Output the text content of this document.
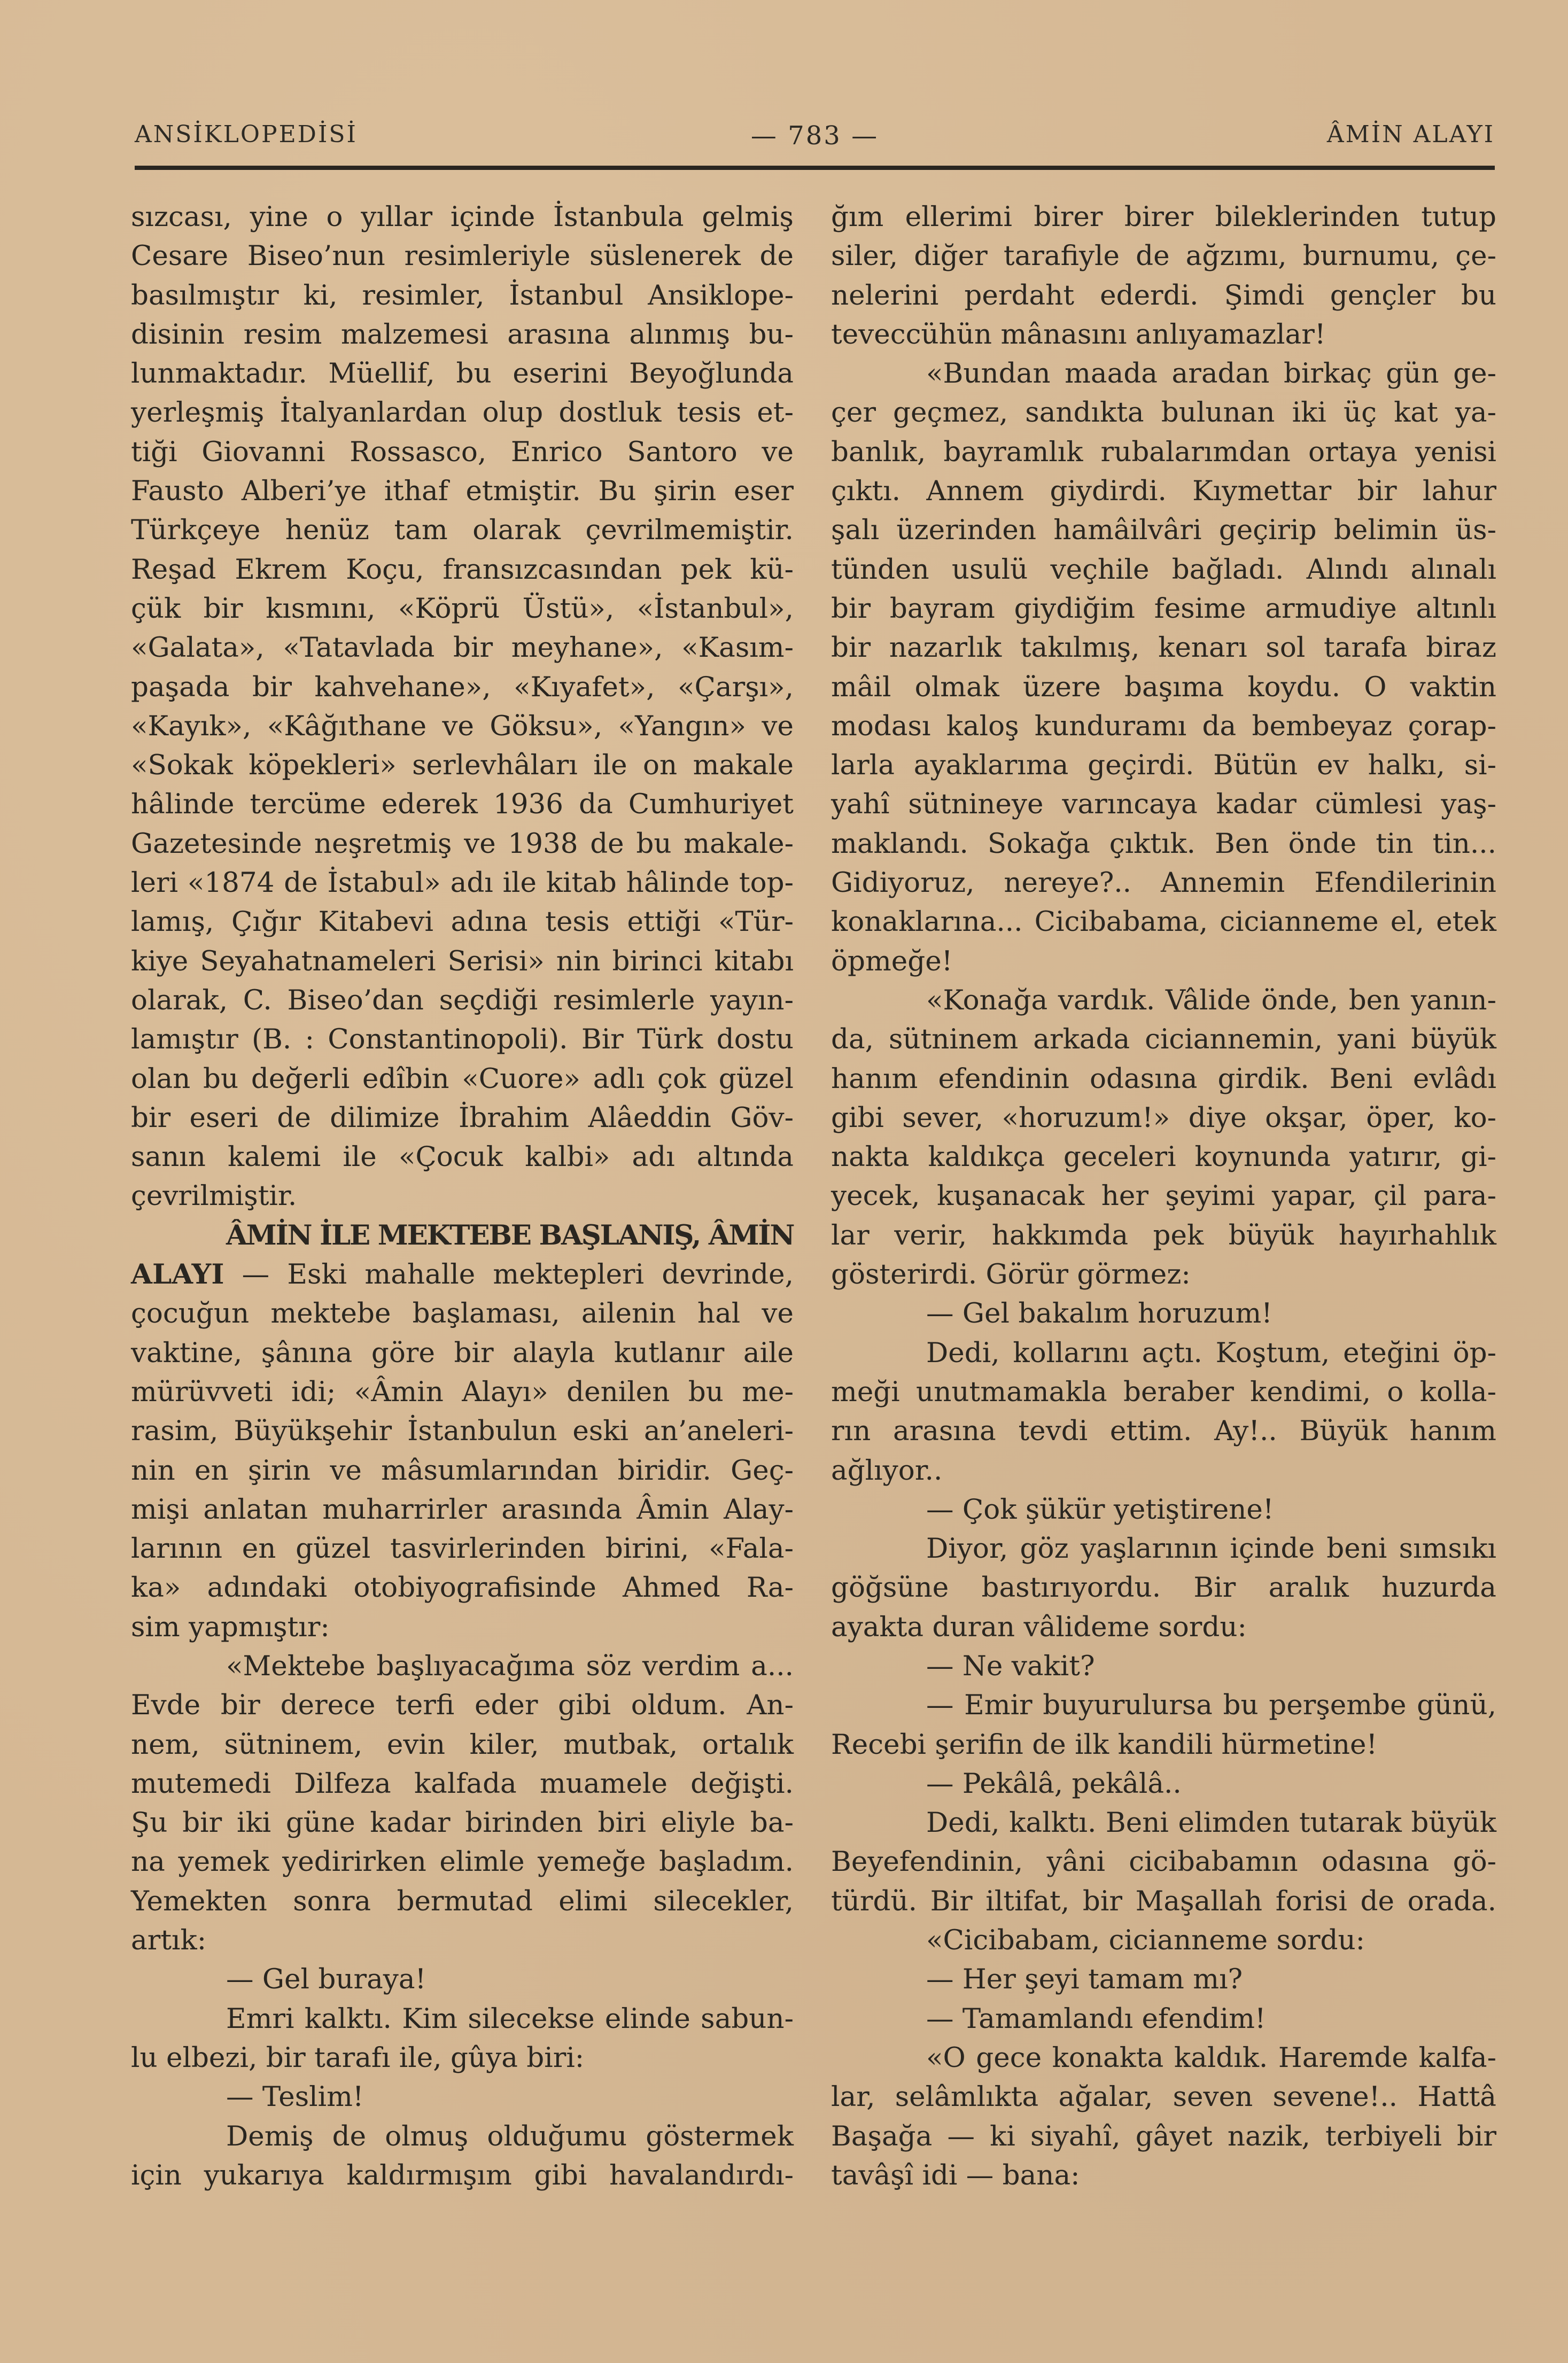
ANSİKLOPEDİSİ	— 783 —	ÂMİN ALAYI
sızcası, yine o yıllar içinde İstanbula gelmiş
Cesare Biseo’nun resimleriyle süslenerek de
basılmıştır ki, resimler, İstanbul Ansiklope-
disinin resim malzemesi arasına alınmış bu-
lunmaktadır. Müellif, bu eserini Beyoğlunda
yerleşmiş İtalyanlardan olup dostluk tesis et-
tiği Giovanni Rossasco, Enrico Santoro ve
Fausto Alberi’ye ithaf etmiştir. Bu şirin eser
Türkçeye henüz tam olarak çevrilmemiştir.
Reşad Ekrem Koçu, fransızcasından pek kü-
çük bir kısmını, «Köprü Üstü», «İstanbul»,
«Galata», «Tatavlada bir meyhane», «Kasım-
paşada bir kahvehane», «Kıyafet», «Çarşı»,
«Kayık», «Kâğıthane ve Göksu», «Yangın» ve
«Sokak köpekleri» serlevhâları ile on makale
hâlinde tercüme ederek 1936 da Cumhuriyet
Gazetesinde neşretmiş ve 1938 de bu makale-
leri «1874 de İstabul» adı ile kitab hâlinde top-
lamış, Çığır Kitabevi adına tesis ettiği «Tür-
kiye Seyahatnameleri Serisi» nin birinci kitabı
olarak, C. Biseo’dan seçdiği resimlerle yayın-
lamıştır (B. : Constantinopoli). Bir Türk dostu
olan bu değerli edîbin «Cuore» adlı çok güzel
bir eseri de dilimize İbrahim Alâeddin Göv-
sanın kalemi ile «Çocuk kalbi» adı altında
çevrilmiştir.
ÂMİN İLE MEKTEBE BAŞLANIŞ, ÂMİN
ALAYI — Eski mahalle mektepleri devrinde,
çocuğun mektebe başlaması, ailenin hal ve
vaktine, şânına göre bir alayla kutlanır aile
mürüvveti idi; «Âmin Alayı» denilen bu me-
rasim, Büyükşehir İstanbulun eski an’aneleri-
nin en şirin ve mâsumlarından biridir. Geç-
mişi anlatan muharrirler arasında Âmin Alay-
larının en güzel tasvirlerinden birini, «Fala-
ka» adındaki otobiyografisinde Ahmed Ra-
sim yapmıştır:
«Mektebe başlıyacağıma söz verdim a...
Evde bir derece terfi eder gibi oldum. An-
nem, sütninem, evin kiler, mutbak, ortalık
mutemedi Dilfeza kalfada muamele değişti.
Şu bir iki güne kadar birinden biri eliyle ba-
na yemek yedirirken elimle yemeğe başladım.
Yemekten sonra bermutad elimi silecekler,
artık:
— Gel buraya!
Emri kalktı. Kim silecekse elinde sabun-
lu elbezi, bir tarafı ile, gûya biri:
— Teslim!
Demiş de olmuş olduğumu göstermek
için yukarıya kaldırmışım gibi havalandırdı-
ğım ellerimi birer birer bileklerinden tutup
siler, diğer tarafiyle de ağzımı, burnumu, çe-
nelerini perdaht ederdi. Şimdi gençler bu
teveccühün mânasını anlıyamazlar!
«Bundan maada aradan birkaç gün ge-
çer geçmez, sandıkta bulunan iki üç kat ya-
banlık, bayramlık rubalarımdan ortaya yenisi
çıktı. Annem giydirdi. Kıymettar bir lahur
şalı üzerinden hamâilvâri geçirip belimin üs-
tünden usulü veçhile bağladı. Alındı alınalı
bir bayram giydiğim fesime armudiye altınlı
bir nazarlık takılmış, kenarı sol tarafa biraz
mâil olmak üzere başıma koydu. O vaktin
modası kaloş kunduramı da bembeyaz çorap-
larla ayaklarıma geçirdi. Bütün ev halkı, si-
yahî sütnineye varıncaya kadar cümlesi yaş-
maklandı. Sokağa çıktık. Ben önde tin tin...
Gidiyoruz, nereye?.. Annemin Efendilerinin
konaklarına... Cicibabama, cicianneme el, etek
öpmeğe!
«Konağa vardık. Vâlide önde, ben yanın-
da, sütninem arkada ciciannemin, yani büyük
hanım efendinin odasına girdik. Beni evlâdı
gibi sever, «horuzum!» diye okşar, öper, ko-
nakta kaldıkça geceleri koynunda yatırır, gi-
yecek, kuşanacak her şeyimi yapar, çil para-
lar verir, hakkımda pek büyük hayırhahlık
gösterirdi. Görür görmez:
— Gel bakalım horuzum!
Dedi, kollarını açtı. Koştum, eteğini öp-
meği unutmamakla beraber kendimi, o kolla-
rın arasına tevdi ettim. Ay!.. Büyük hanım
ağlıyor..
— Çok şükür yetiştirene!
Diyor, göz yaşlarının içinde beni sımsıkı
göğsüne bastırıyordu. Bir aralık huzurda
ayakta duran vâlideme sordu:
— Ne vakit?
— Emir buyurulursa bu perşembe günü,
Recebi şerifin de ilk kandili hürmetine!
— Pekâlâ, pekâlâ..
Dedi, kalktı. Beni elimden tutarak büyük
Beyefendinin, yâni cicibabamın odasına gö-
türdü. Bir iltifat, bir Maşallah forisi de orada.
«Cicibabam, cicianneme sordu:
— Her şeyi tamam mı?
— Tamamlandı efendim!
«O gece konakta kaldık. Haremde kalfa-
lar, selâmlıkta ağalar, seven sevene!.. Hattâ
Başağa — ki siyahî, gâyet nazik, terbiyeli bir
tavâşî idi — bana:
